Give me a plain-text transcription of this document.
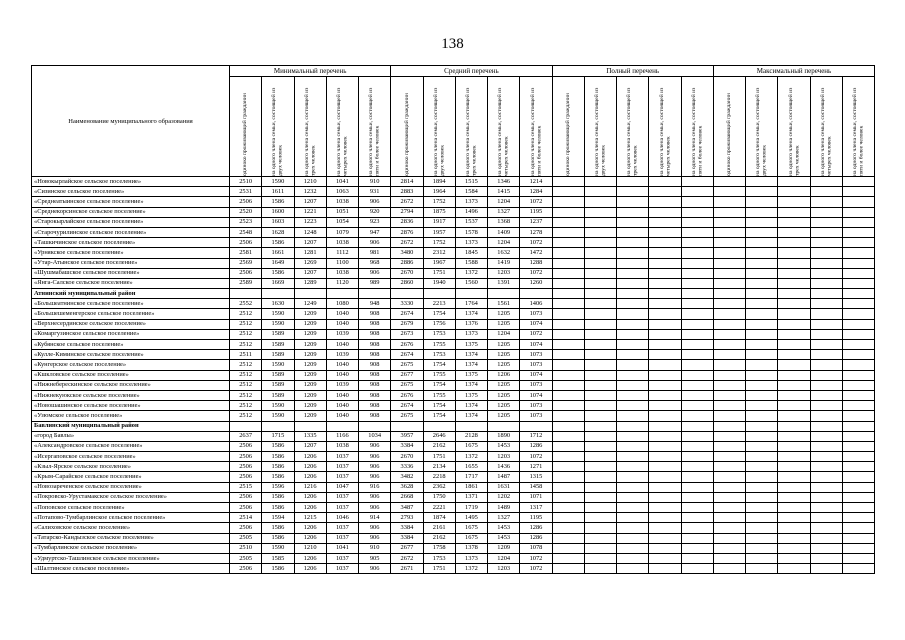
138
Наименование муниципального образования	Минимальный перечень					Средний перечень					Полный перечень					Максимальный перечень				

	одиноко проживающий гражданин	на одного члена семьи, состоящей из двух человек	на одного члена семьи, состоящей из трех человек	на одного члена семьи, состоящей из четырех человек	на одного члена семьи, состоящей из пяти и более человек	одиноко проживающий гражданин	на одного члена семьи, состоящей из двух человек	на одного члена семьи, состоящей из трех человек	на одного члена семьи, состоящей из четырех человек	на одного члена семьи, состоящей из пяти и более человек	одиноко проживающий гражданин	на одного члена семьи, состоящей из двух человек	на одного члена семьи, состоящей из трех человек	на одного члена семьи, состоящей из четырех человек	на одного члена семьи, состоящей из пяти и более человек	одиноко проживающий гражданин	на одного члена семьи, состоящей из двух человек	на одного члена семьи, состоящей из трех человек	на одного члена семьи, состоящей из четырех человек	на одного члена семьи, состоящей из пяти и более человек

«Новокырлайское сельское поселение»	2510	1590	1210	1041	910	2814	1894	1515	1346	1214										
«Сизинское сельское поселение»	2531	1611	1232	1063	931	2883	1964	1584	1415	1284										
«Среднеатыинское сельское поселение»	2506	1586	1207	1038	906	2672	1752	1373	1204	1072										
«Среднекорсинское сельское поселение»	2520	1600	1221	1051	920	2794	1875	1496	1327	1195										
«Старокырлайское сельское поселение»	2523	1603	1223	1054	923	2836	1917	1537	1368	1237										
«Старочурилинское сельское поселение»	2548	1628	1248	1079	947	2876	1957	1578	1409	1278										
«Ташкичинское сельское поселение»	2506	1586	1207	1038	906	2672	1752	1373	1204	1072										
«Урнякское сельское поселение»	2581	1661	1281	1112	981	3480	2312	1845	1632	1472										
«Утар-Атынское сельское поселение»	2569	1649	1269	1100	968	2886	1967	1588	1419	1288										
«Шушмабашское сельское поселение»	2506	1586	1207	1038	906	2670	1751	1372	1203	1072										
«Янга-Салское сельское поселение»	2589	1669	1289	1120	989	2860	1940	1560	1391	1260										
Атнинский муниципальный район																				
«Большеатнинское сельское поселение»	2552	1630	1249	1080	948	3330	2213	1764	1561	1406										
«Большешеменгерское сельское поселение»	2512	1590	1209	1040	908	2674	1754	1374	1205	1073										
«Верхнесердинское сельское поселение»	2512	1590	1209	1040	908	2679	1756	1376	1205	1074										
«Комаргузинское сельское поселение»	2512	1589	1209	1039	908	2673	1753	1373	1204	1072										
«Кубянское сельское поселение»	2512	1589	1209	1040	908	2676	1755	1375	1205	1074										
«Кулле-Киминское сельское поселение»	2511	1589	1209	1039	908	2674	1753	1374	1205	1073										
«Кунгерское сельское поселение»	2512	1590	1209	1040	908	2675	1754	1374	1205	1073										
«Кшкловское сельское поселение»	2512	1589	1209	1040	908	2677	1755	1375	1206	1074										
«Нижнеберескинское сельское поселение»	2512	1589	1209	1039	908	2675	1754	1374	1205	1073										
«Нижнекуюкское сельское поселение»	2512	1589	1209	1040	908	2676	1755	1375	1205	1074										
«Новошашинское сельское поселение»	2512	1590	1209	1040	908	2674	1754	1374	1205	1073										
«Узюмское сельское поселение»	2512	1590	1209	1040	908	2675	1754	1374	1205	1073										
Бавлинский муниципальный район																				
«город Бавлы»	2637	1715	1335	1166	1034	3957	2646	2128	1890	1712										
«Александровское сельское поселение»	2506	1586	1207	1038	906	3384	2162	1675	1453	1286										
«Исергаповское сельское поселение»	2506	1586	1206	1037	906	2670	1751	1372	1203	1072										
«Кзыл-Ярское сельское поселение»	2506	1586	1206	1037	906	3336	2134	1655	1436	1271										
«Крым-Сарайское сельское поселение»	2506	1586	1206	1037	906	3482	2218	1717	1487	1315										
«Новозареченское сельское поселение»	2515	1596	1216	1047	916	3628	2362	1861	1631	1458										
«Покровско-Урустамакское сельское поселение»	2506	1586	1206	1037	906	2668	1750	1371	1202	1071										
«Поповское сельское поселение»	2506	1586	1206	1037	906	3487	2221	1719	1489	1317										
«Потапово-Тумбарлинское сельское поселение»	2514	1594	1215	1046	914	2793	1874	1495	1327	1195										
«Салиховское сельское поселение»	2506	1586	1206	1037	906	3384	2161	1675	1453	1286										
«Татарско-Кандызское сельское поселение»	2505	1586	1206	1037	906	3384	2162	1675	1453	1286										
«Тумбарлинское сельское поселение»	2510	1590	1210	1041	910	2677	1758	1378	1209	1078										
«Удмуртско-Ташлинское сельское поселение»	2505	1585	1206	1037	905	2672	1753	1373	1204	1072										
«Шалтинское сельское поселение»	2506	1586	1206	1037	906	2671	1751	1372	1203	1072										
